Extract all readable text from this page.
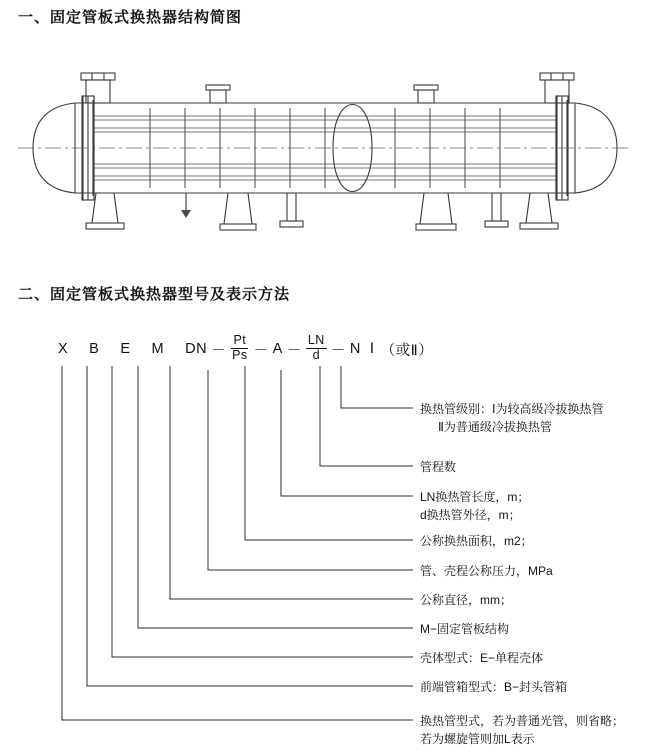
一、固定管板式换热器结构简图
二、固定管板式换热器型号及表示方法
X	B	E	M	DN － $\frac{Pt}{Ps} - A - \frac{LN}{d} - N$ Ⅰ （或Ⅱ）
换热管级别：Ⅰ为较高级冷拔换热管
Ⅱ为普通级冷拔换热管
管程数
LN换热管长度，m；
d换热管外径，m；
公称换热面积，m2；
管、壳程公称压力，MPa
公称直径，mm；
M−固定管板结构
壳体型式：E−单程壳体
前端管箱型式：B−封头管箱
换热管型式，若为普通光管，则省略；
若为螺旋管则加L表示
